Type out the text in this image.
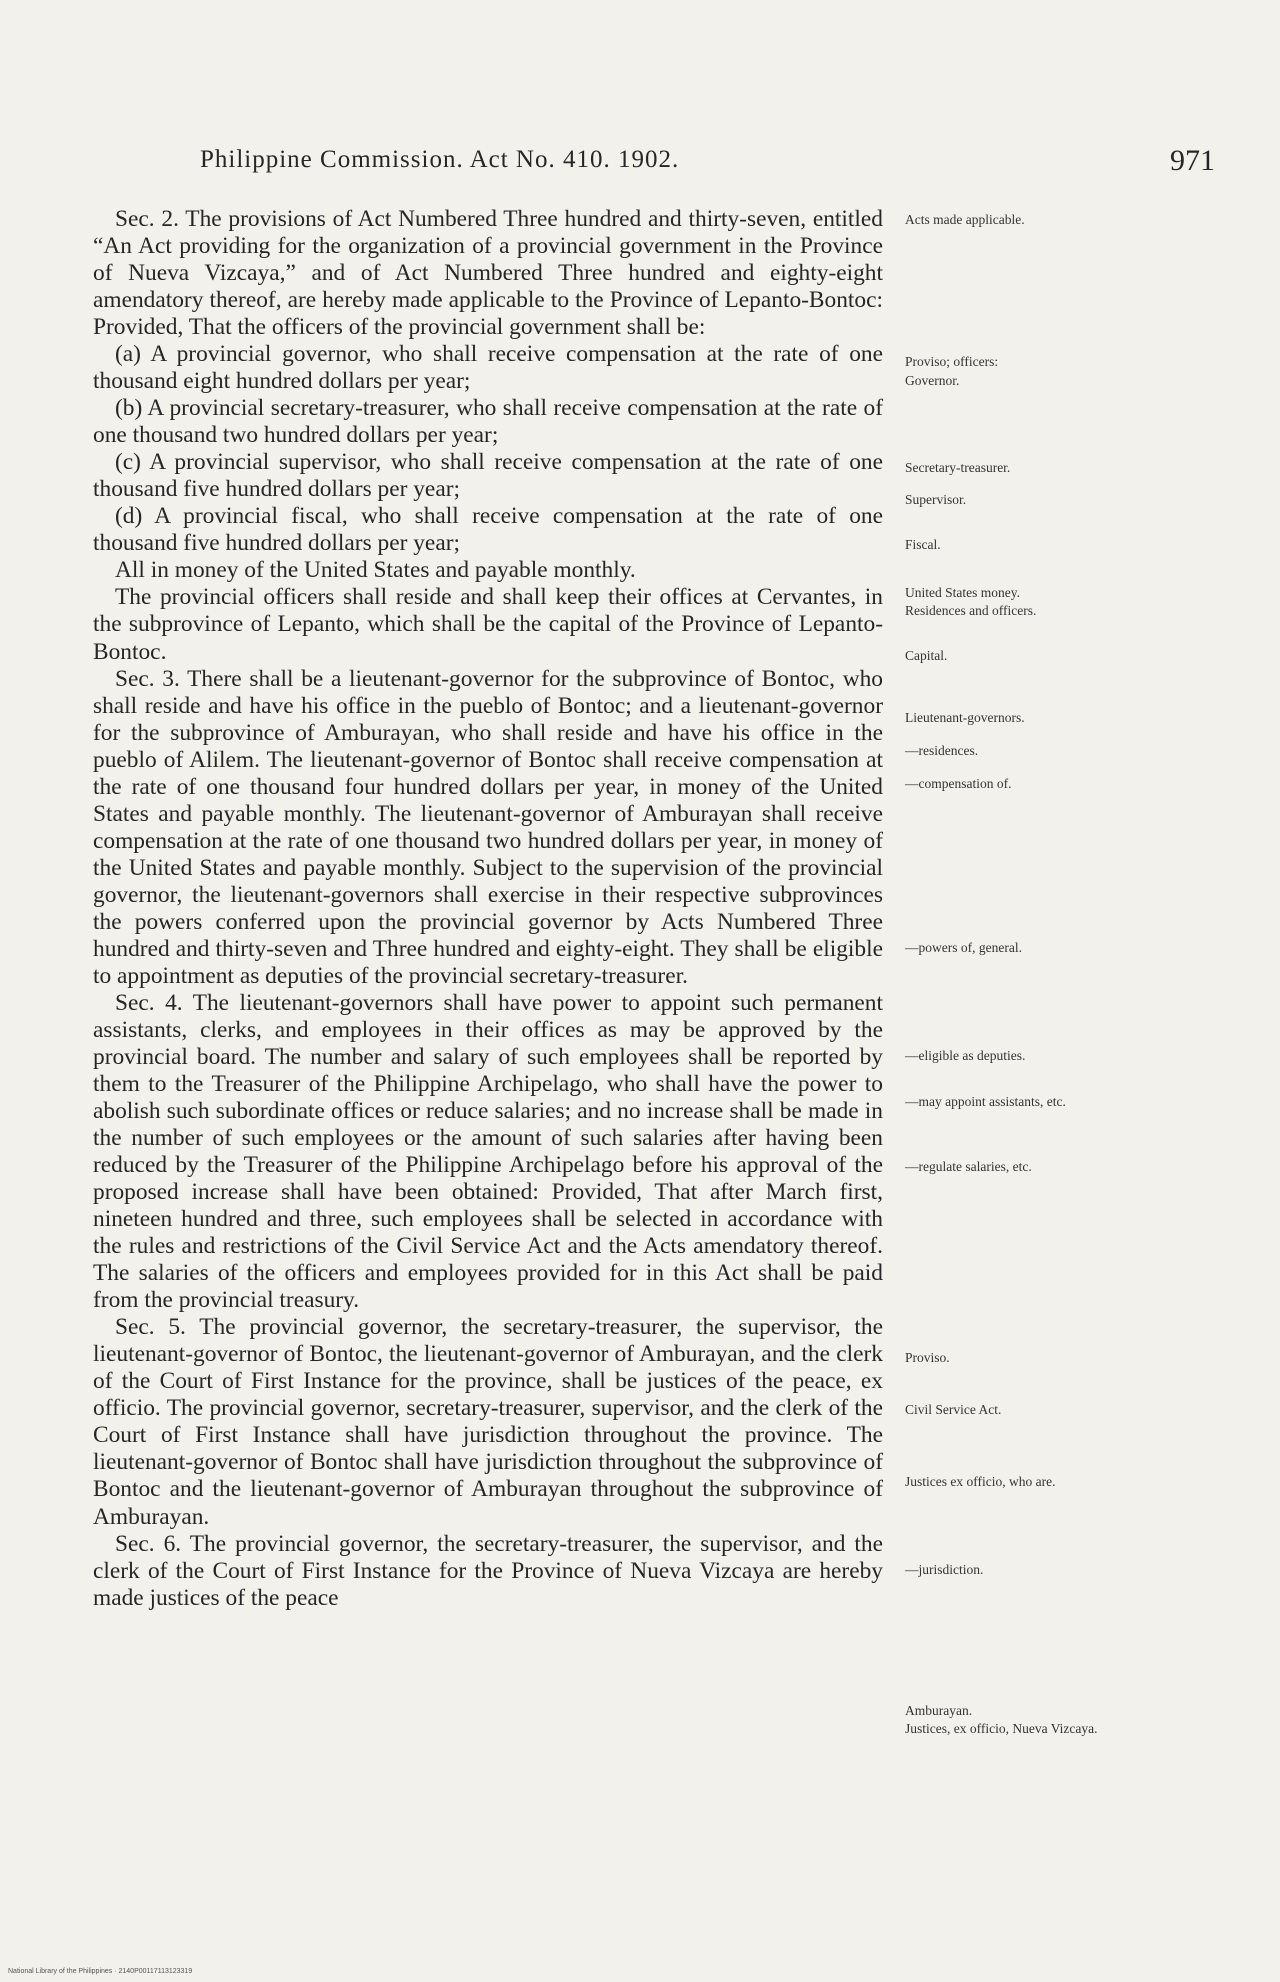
Philippine Commission. Act No. 410. 1902.	971

Sec. 2. The provisions of Act Numbered Three hundred and thirty-seven, entitled “An Act providing for the organization of a provincial government in the Province of Nueva Vizcaya,” and of Act Numbered Three hundred and eighty-eight amendatory thereof, are hereby made applicable to the Province of Lepanto-Bontoc: Provided, That the officers of the provincial government shall be:

(a) A provincial governor, who shall receive compensation at the rate of one thousand eight hundred dollars per year;

(b) A provincial secretary-treasurer, who shall receive compensation at the rate of one thousand two hundred dollars per year;

(c) A provincial supervisor, who shall receive compensation at the rate of one thousand five hundred dollars per year;

(d) A provincial fiscal, who shall receive compensation at the rate of one thousand five hundred dollars per year;

All in money of the United States and payable monthly.

The provincial officers shall reside and shall keep their offices at Cervantes, in the subprovince of Lepanto, which shall be the capital of the Province of Lepanto-Bontoc.

Sec. 3. There shall be a lieutenant-governor for the subprovince of Bontoc, who shall reside and have his office in the pueblo of Bontoc; and a lieutenant-governor for the subprovince of Amburayan, who shall reside and have his office in the pueblo of Alilem. The lieutenant-governor of Bontoc shall receive compensation at the rate of one thousand four hundred dollars per year, in money of the United States and payable monthly. The lieutenant-governor of Amburayan shall receive compensation at the rate of one thousand two hundred dollars per year, in money of the United States and payable monthly. Subject to the supervision of the provincial governor, the lieutenant-governors shall exercise in their respective subprovinces the powers conferred upon the provincial governor by Acts Numbered Three hundred and thirty-seven and Three hundred and eighty-eight. They shall be eligible to appointment as deputies of the provincial secretary-treasurer.

Sec. 4. The lieutenant-governors shall have power to appoint such permanent assistants, clerks, and employees in their offices as may be approved by the provincial board. The number and salary of such employees shall be reported by them to the Treasurer of the Philippine Archipelago, who shall have the power to abolish such subordinate offices or reduce salaries; and no increase shall be made in the number of such employees or the amount of such salaries after having been reduced by the Treasurer of the Philippine Archipelago before his approval of the proposed increase shall have been obtained: Provided, That after March first, nineteen hundred and three, such employees shall be selected in accordance with the rules and restrictions of the Civil Service Act and the Acts amendatory thereof. The salaries of the officers and employees provided for in this Act shall be paid from the provincial treasury.

Sec. 5. The provincial governor, the secretary-treasurer, the supervisor, the lieutenant-governor of Bontoc, the lieutenant-governor of Amburayan, and the clerk of the Court of First Instance for the province, shall be justices of the peace, ex officio. The provincial governor, secretary-treasurer, supervisor, and the clerk of the Court of First Instance shall have jurisdiction throughout the province. The lieutenant-governor of Bontoc shall have jurisdiction throughout the subprovince of Bontoc and the lieutenant-governor of Amburayan throughout the subprovince of Amburayan.

Sec. 6. The provincial governor, the secretary-treasurer, the supervisor, and the clerk of the Court of First Instance for the Province of Nueva Vizcaya are hereby made justices of the peace

Acts made applicable.
Proviso; officers:
Governor.
Secretary-treasurer.
Supervisor.
Fiscal.
United States money.
Residences and officers.
Capital.
Lieutenant-governors.
—residences.
—compensation of.
—powers of, general.
—eligible as deputies.
—may appoint assistants, etc.
—regulate salaries, etc.
Proviso.
Civil Service Act.
Justices ex officio, who are.
—jurisdiction.
Amburayan.
Justices, ex officio, Nueva Vizcaya.
National Library of the Philippines · 2140P00117113123319
